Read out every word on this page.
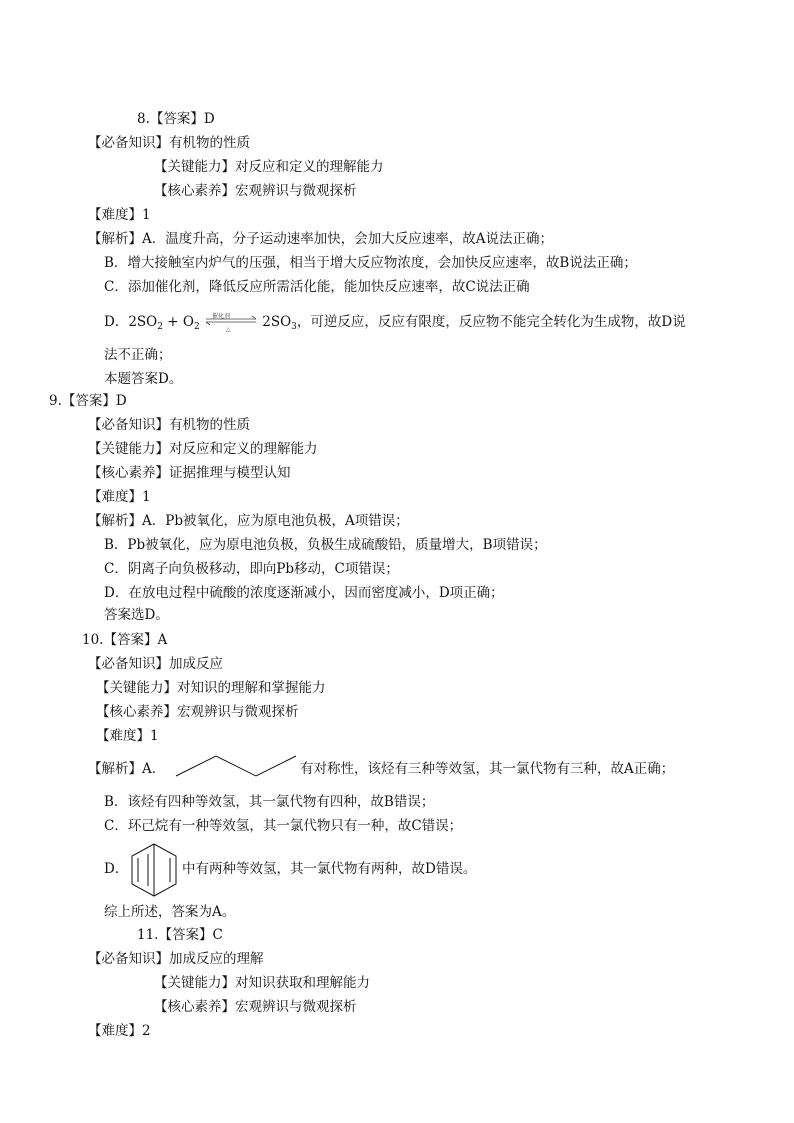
8.【答案】D
【必备知识】有机物的性质
【关键能力】对反应和定义的理解能力
【核心素养】宏观辨识与微观探析
【难度】1
【解析】A．温度升高，分子运动速率加快，会加大反应速率，故A说法正确；
B．增大接触室内炉气的压强，相当于增大反应物浓度，会加快反应速率，故B说法正确；
C．添加催化剂，降低反应所需活化能，能加快反应速率，故C说法正确
D．$2SO_2 + O_2$
催化剂
△ $2SO_3$，可逆反应，反应有限度，反应物不能完全转化为生成物，故D说
法不正确；
本题答案D。
9.【答案】D
【必备知识】有机物的性质
【关键能力】对反应和定义的理解能力
【核心素养】证据推理与模型认知
【难度】1
【解析】A．Pb被氧化，应为原电池负极，A项错误；
B．Pb被氧化，应为原电池负极，负极生成硫酸铅，质量增大，B项错误；
C．阴离子向负极移动，即向Pb移动，C项错误；
D．在放电过程中硫酸的浓度逐渐减小，因而密度减小，D项正确；
答案选D。
10.【答案】A
【必备知识】加成反应
【关键能力】对知识的理解和掌握能力
【核心素养】宏观辨识与微观探析
【难度】1
【解析】A．	有对称性，该烃有三种等效氢，其一氯代物有三种，故A正确；
B．该烃有四种等效氢，其一氯代物有四种，故B错误；
C．环己烷有一种等效氢，其一氯代物只有一种，故C错误；
D．	中有两种等效氢，其一氯代物有两种，故D错误。
综上所述，答案为A。
11.【答案】C
【必备知识】加成反应的理解
【关键能力】对知识获取和理解能力
【核心素养】宏观辨识与微观探析
【难度】2
